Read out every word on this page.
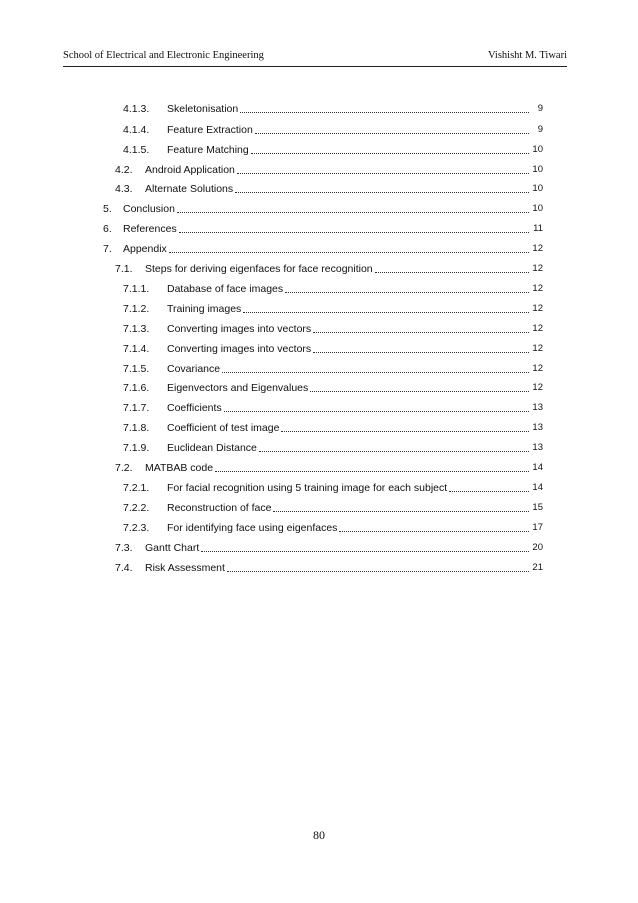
School of Electrical and Electronic Engineering	Vishisht M. Tiwari
4.1.3.	Skeletonisation	9
4.1.4.	Feature Extraction	9
4.1.5.	Feature Matching	10
4.2.	Android Application	10
4.3.	Alternate Solutions	10
5.	Conclusion	10
6.	References	11
7.	Appendix	12
7.1.	Steps for deriving eigenfaces for face recognition	12
7.1.1.	Database of face images	12
7.1.2.	Training images	12
7.1.3.	Converting images into vectors	12
7.1.4.	Converting images into vectors	12
7.1.5.	Covariance	12
7.1.6.	Eigenvectors and Eigenvalues	12
7.1.7.	Coefficients	13
7.1.8.	Coefficient of test image	13
7.1.9.	Euclidean Distance	13
7.2.	MATBAB code	14
7.2.1.	For facial recognition using 5 training image for each subject	14
7.2.2.	Reconstruction of face	15
7.2.3.	For identifying face using eigenfaces	17
7.3.	Gantt Chart	20
7.4.	Risk Assessment	21
80
